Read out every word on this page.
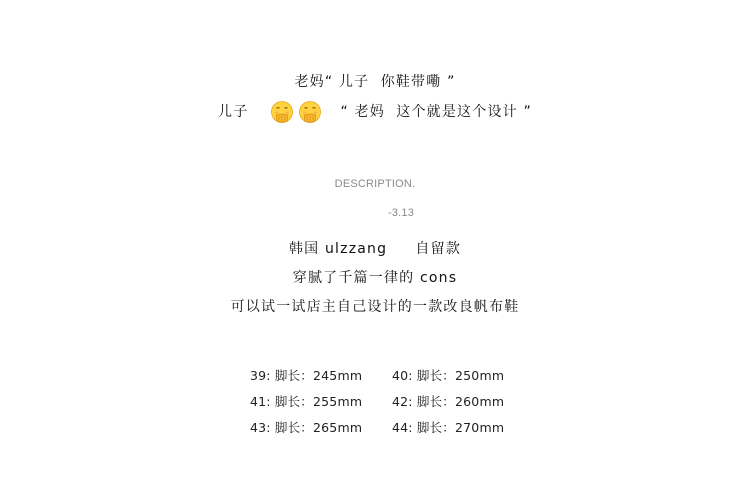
老妈“ 儿子  你鞋带嘞 ”
儿子	“ 老妈  这个就是这个设计 ”
DESCRIPTION.
-3.13
韩国 ulzzang     自留款
穿腻了千篇一律的 cons
可以试一试店主自己设计的一款改良帆布鞋
39: 脚长：245mm 40: 脚长：250mm
41: 脚长：255mm 42: 脚长：260mm
43: 脚长：265mm 44: 脚长：270mm
